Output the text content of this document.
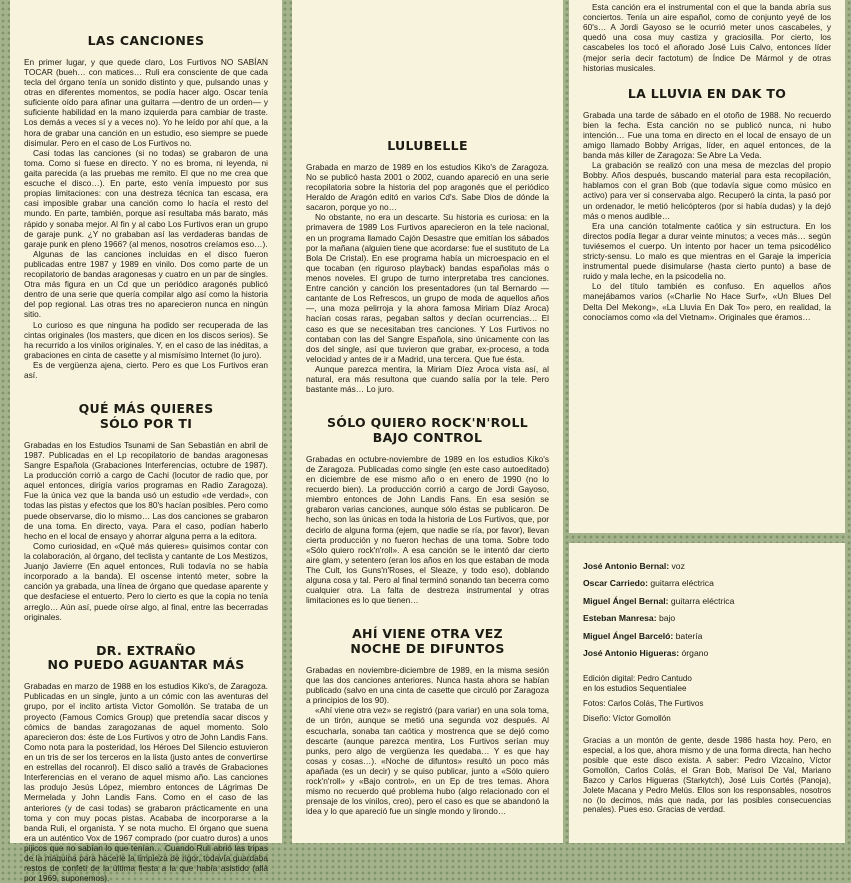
LAS CANCIONES

En primer lugar, y que quede claro, Los Furtivos NO SABÍAN TOCAR (bueh… con matices… Ruli era consciente de que cada tecla del órgano tenía un sonido distinto y que, pulsando unas y otras en diferentes momentos, se podía hacer algo. Oscar tenía suficiente oído para afinar una guitarra —dentro de un orden— y suficiente habilidad en la mano izquierda para cambiar de traste. Los demás a veces sí y a veces no). Yo he leído por ahí que, a la hora de grabar una canción en un estudio, eso siempre se puede disimular. Pero en el caso de Los Furtivos no.

Casi todas las canciones (si no todas) se grabaron de una toma. Como si fuese en directo. Y no es broma, ni leyenda, ni gaita parecida (a las pruebas me remito. El que no me crea que escuche el disco…). En parte, esto venía impuesto por sus propias limitaciones: con una destreza técnica tan escasa, era casi imposible grabar una canción como lo hacía el resto del mundo. En parte, también, porque así resultaba más barato, más rápido y sonaba mejor. Al fin y al cabo Los Furtivos eran un grupo de garaje punk. ¿Y no grababan así las verdaderas bandas de garaje punk en pleno 1966? (al menos, nosotros creíamos eso…).

Algunas de las canciones incluidas en el disco fueron publicadas entre 1987 y 1989 en vinilo. Dos como parte de un recopilatorio de bandas aragonesas y cuatro en un par de singles. Otra más figura en un Cd que un periódico aragonés publicó dentro de una serie que quería compilar algo así como la historia del pop regional. Las otras tres no aparecieron nunca en ningún sitio.

Lo curioso es que ninguna ha podido ser recuperada de las cintas originales (los masters, que dicen en los discos serios). Se ha recurrido a los vinilos originales. Y, en el caso de las inéditas, a grabaciones en cinta de casette y al mismísimo Internet (lo juro).

Es de vergüenza ajena, cierto. Pero es que Los Furtivos eran así.

QUÉ MÁS QUIERES
SÓLO POR TI

Grabadas en los Estudios Tsunami de San Sebastián en abril de 1987. Publicadas en el Lp recopilatorio de bandas aragonesas Sangre Española (Grabaciones Interferencias, octubre de 1987). La producción corrió a cargo de Cachi (locutor de radio que, por aquel entonces, dirigía varios programas en Radio Zaragoza). Fue la única vez que la banda usó un estudio «de verdad», con todas las pistas y efectos que los 80's hacían posibles. Pero como puede observarse, dio lo mismo… Las dos canciones se grabaron de una toma. En directo, vaya. Para el caso, podían haberlo hecho en el local de ensayo y ahorrar alguna perra a la editora.

Como curiosidad, en «Qué más quieres» quisimos contar con la colaboración, al órgano, del teclista y cantante de Los Mestizos, Juanjo Javierre (En aquel entonces, Ruli todavía no se había incorporado a la banda). El oscense intentó meter, sobre la canción ya grabada, una línea de órgano que quedase aparente y que desfaciese el entuerto. Pero lo cierto es que la copia no tenía arreglo… Aún así, puede oírse algo, al final, entre las becerradas originales.

DR. EXTRAÑO
NO PUEDO AGUANTAR MÁS

Grabadas en marzo de 1988 en los estudios Kiko's, de Zaragoza. Publicadas en un single, junto a un cómic con las aventuras del grupo, por el inclito artista Victor Gomollón. Se trataba de un proyecto (Famous Comics Group) que pretendía sacar discos y cómics de bandas zaragozanas de aquel momento. Solo aparecieron dos: éste de Los Furtivos y otro de John Landis Fans. Como nota para la posteridad, los Héroes Del Silencio estuvieron en un tris de ser los terceros en la lista (justo antes de convertirse en estrellas del rocanrol). El disco salió a través de Grabaciones Interferencias en el verano de aquel mismo año. Las canciones las produjo Jesús López, miembro entonces de Lágrimas De Mermelada y John Landis Fans. Como en el caso de las anteriores (y de casi todas) se grabaron prácticamente en una toma y con muy pocas pistas. Acababa de incorporarse a la banda Ruli, el organista. Y se nota mucho. El órgano que suena era un auténtico Vox de 1967 comprado (por cuatro duros) a unos pijicos que no sabían lo que tenían… Cuando Ruli abrió las tripas de la máquina para hacerle la limpieza de rigor, todavía guardaba restos de confeti de la última fiesta a la que había asistido (allá por 1969, suponemos).

LULUBELLE

Grabada en marzo de 1989 en los estudios Kiko's de Zaragoza. No se publicó hasta 2001 o 2002, cuando apareció en una serie recopilatoria sobre la historia del pop aragonés que el periódico Heraldo de Aragón editó en varios Cd's. Sabe Dios de dónde la sacaron, porque yo no…

No obstante, no era un descarte. Su historia es curiosa: en la primavera de 1989 Los Furtivos aparecieron en la tele nacional, en un programa llamado Cajón Desastre que emitían los sábados por la mañana (alguien tiene que acordarse: fue el sustituto de La Bola De Cristal). En ese programa había un microespacio en el que tocaban (en riguroso playback) bandas españolas más o menos noveles. El grupo de turno interpretaba tres canciones. Entre canción y canción los presentadores (un tal Bernardo —cantante de Los Refrescos, un grupo de moda de aquellos años—, una moza pelirroja y la ahora famosa Miriam Díaz Aroca) hacían cosas raras, pegaban saltos y decían ocurrencias… El caso es que se necesitaban tres canciones. Y Los Furtivos no contaban con las del Sangre Española, sino únicamente con las dos del single, así que tuvieron que grabar, ex-proceso, a toda velocidad y antes de ir a Madrid, una tercera. Que fue ésta.

Aunque parezca mentira, la Miriam Díez Aroca vista así, al natural, era más resultona que cuando salía por la tele. Pero bastante más… Lo juro.

SÓLO QUIERO ROCK'N'ROLL
BAJO CONTROL

Grabadas en octubre-noviembre de 1989 en los estudios Kiko's de Zaragoza. Publicadas como single (en este caso autoeditado) en diciembre de ese mismo año o en enero de 1990 (no lo recuerdo bien). La producción corrió a cargo de Jordi Gayoso, miembro entonces de John Landis Fans. En esa sesión se grabaron varias canciones, aunque sólo éstas se publicaron. De hecho, son las únicas en toda la historia de Los Furtivos, que, por decirlo de alguna forma (ejem, que nadie se ría, por favor), llevan cierta producción y no fueron hechas de una toma. Sobre todo «Sólo quiero rock'n'roll». A esa canción se le intentó dar cierto aire glam, y setentero (eran los años en los que estaban de moda The Cult, los Guns'n'Roses, el Sleaze, y todo eso), doblando alguna cosa y tal. Pero al final terminó sonando tan becerra como cualquier otra. La falta de destreza instrumental y otras limitaciones es lo que tienen…

AHÍ VIENE OTRA VEZ
NOCHE DE DIFUNTOS

Grabadas en noviembre-diciembre de 1989, en la misma sesión que las dos canciones anteriores. Nunca hasta ahora se habían publicado (salvo en una cinta de casette que circuló por Zaragoza a principios de los 90).

«Ahí viene otra vez» se registró (para variar) en una sola toma, de un tirón, aunque se metió una segunda voz después. Al escucharla, sonaba tan caótica y mostrenca que se dejó como descarte (aunque parezca mentira, Los Furtivos serían muy punks, pero algo de vergüenza les quedaba… Y es que hay cosas y cosas…). «Noche de difuntos» resultó un poco más apañada (es un decir) y se quiso publicar, junto a «Sólo quiero rock'n'roll» y «Bajo control», en un Ep de tres temas. Ahora mismo no recuerdo qué problema hubo (algo relacionado con el prensaje de los vinilos, creo), pero el caso es que se abandonó la idea y lo que apareció fue un single mondo y lirondo…

Esta canción era el instrumental con el que la banda abría sus conciertos. Tenía un aire español, como de conjunto yeyé de los 60's… A Jordi Gayoso se le ocurrió meter unos cascabeles, y quedó una cosa muy castiza y graciosilla. Por cierto, los cascabeles los tocó el añorado José Luis Calvo, entonces líder (mejor sería decir factotum) de Índice De Mármol y de otras historias musicales.

LA LLUVIA EN DAK TO

Grabada una tarde de sábado en el otoño de 1988. No recuerdo bien la fecha. Esta canción no se publicó nunca, ni hubo intención… Fue una toma en directo en el local de ensayo de un amigo llamado Bobby Arrigas, líder, en aquel entonces, de la banda más killer de Zaragoza: Se Abre La Veda.

La grabación se realizó con una mesa de mezclas del propio Bobby. Años después, buscando material para esta recopilación, hablamos con el gran Bob (que todavía sigue como músico en activo) para ver si conservaba algo. Recuperó la cinta, la pasó por un ordenador, le metió helicópteros (por si había dudas) y la dejó más o menos audible…

Era una canción totalmente caótica y sin estructura. En los directos podía llegar a durar veinte minutos; a veces más… según tuviésemos el cuerpo. Un intento por hacer un tema psicodélico stricty-sensu. Lo malo es que mientras en el Garaje la imperícia instrumental puede disimularse (hasta cierto punto) a base de ruido y mala leche, en la psicodelia no.

Lo del título también es confuso. En aquellos años manejábamos varios («Charlie No Hace Surf», «Un Blues Del Delta Del Mekong», «La Lluvia En Dak To» pero, en realidad, la conocíamos como «la del Vietnam». Originales que éramos…

José Antonio Bernal: voz
Oscar Carriedo: guitarra eléctrica
Miguel Ángel Bernal: guitarra eléctrica
Esteban Manresa: bajo
Miguel Ángel Barceló: batería
José Antonio Higueras: órgano
Edición digital: Pedro Cantudo
en los estudios Sequentialee
Fotos: Carlos Colás, The Furtivos
Diseño: Víctor Gomollón
Gracias a un montón de gente, desde 1986 hasta hoy. Pero, en especial, a los que, ahora mismo y de una forma directa, han hecho posible que este disco exista. A saber: Pedro Vizcaíno, Víctor Gomollón, Carlos Colás, el Gran Bob, Marisol De Val, Mariano Bazco y Carlos Higueras (Starkytch), José Luis Cortés (Panoja), Jolete Macana y Pedro Melús. Ellos son los responsables, nosotros no (lo decimos, más que nada, por las posibles consecuencias penales). Pues eso. Gracias de verdad.
